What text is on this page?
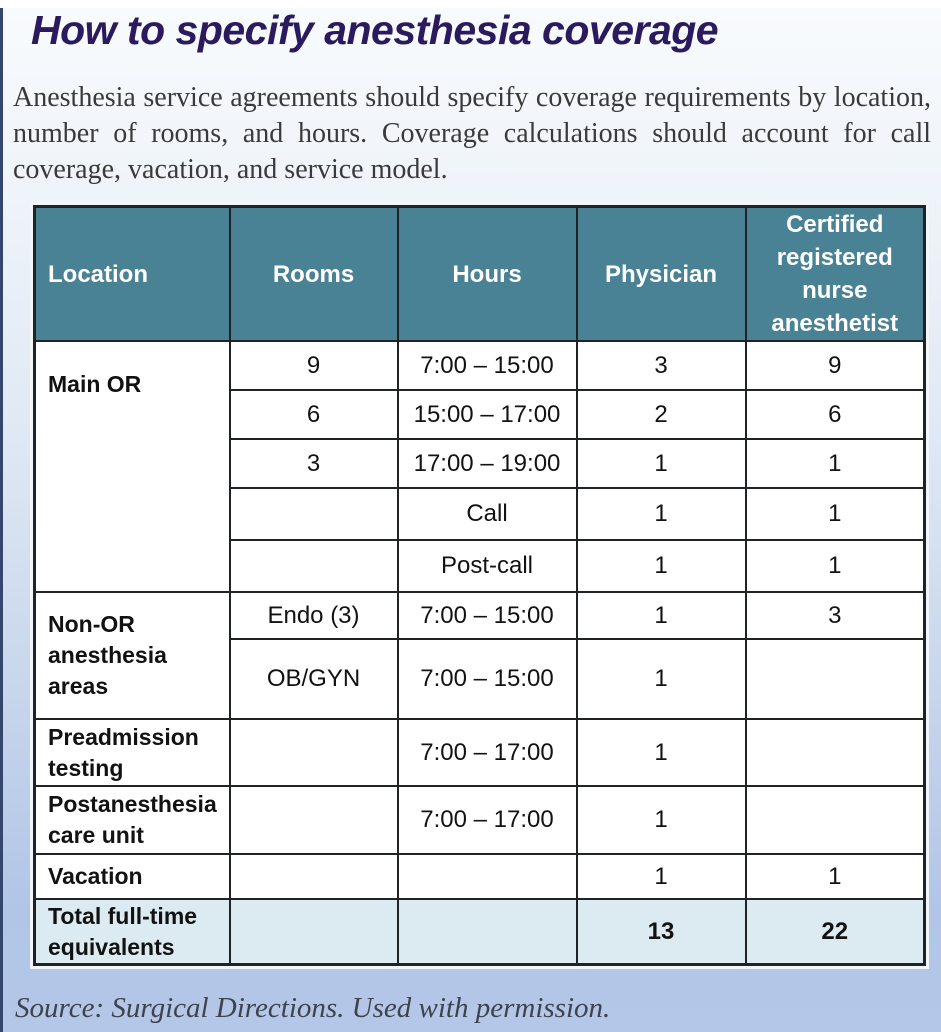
How to specify anesthesia coverage

Anesthesia service agreements should specify coverage requirements by location, number of rooms, and hours. Coverage calculations should account for call coverage, vacation, and service model.

Location	Rooms	Hours	Physician	Certified registered nurse anesthetist
Main OR	9	7:00 – 15:00	3	9
	6	15:00 – 17:00	2	6
	3	17:00 – 19:00	1	1
		Call	1	1
		Post-call	1	1
Non-OR anesthesia areas	Endo (3)	7:00 – 15:00	1	3
	OB/GYN	7:00 – 15:00	1	
Preadmission testing		7:00 – 17:00	1	
Postanesthesia care unit		7:00 – 17:00	1	
Vacation			1	1
Total full-time equivalents			13	22

Source: Surgical Directions. Used with permission.
